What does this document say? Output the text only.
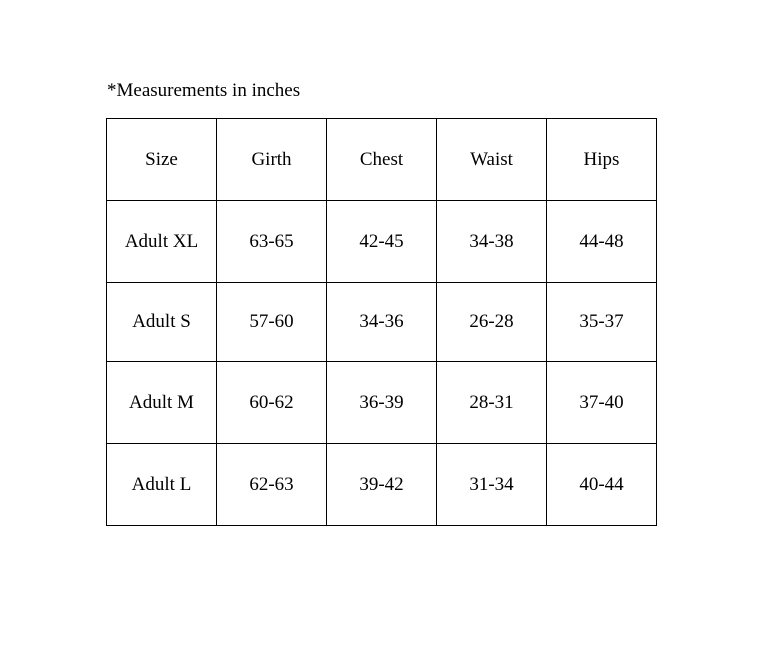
*Measurements in inches
Size	Girth	Chest	Waist	Hips
Adult XL	63-65	42-45	34-38	44-48
Adult S	57-60	34-36	26-28	35-37
Adult M	60-62	36-39	28-31	37-40
Adult L	62-63	39-42	31-34	40-44
